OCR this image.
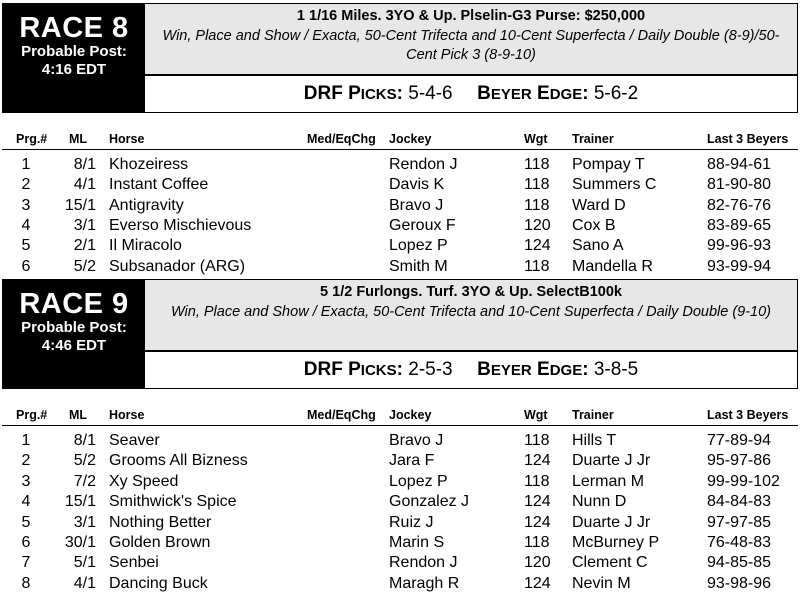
RACE 8
Probable Post:
4:16 EDT
1 1/16 Miles. 3YO & Up. Plselin-G3 Purse: $250,000
Win, Place and Show / Exacta, 50-Cent Trifecta and 10-Cent Superfecta / Daily Double (8-9)/50-Cent Pick 3 (8-9-10)
DRF PICKS: 5-4-6 BEYER EDGE: 5-6-2
Prg.# ML Horse	Med/EqChg Jockey	Wgt Trainer	Last 3 Beyers
1	8/1 Khozeiress	Rendon J	118 Pompay T	88-94-61
2	4/1 Instant Coffee	Davis K	118 Summers C	81-90-80
3	15/1 Antigravity	Bravo J	118 Ward D	82-76-76
4	3/1 Everso Mischievous	Geroux F	120 Cox B	83-89-65
5	2/1 Il Miracolo	Lopez P	124 Sano A	99-96-93
6	5/2 Subsanador (ARG)	Smith M	118 Mandella R	93-99-94
RACE 9
Probable Post:
4:46 EDT
5 1/2 Furlongs. Turf. 3YO & Up. SelectB100k
Win, Place and Show / Exacta, 50-Cent Trifecta and 10-Cent Superfecta / Daily Double (9-10)
DRF PICKS: 2-5-3 BEYER EDGE: 3-8-5
Prg.# ML Horse	Med/EqChg Jockey	Wgt Trainer	Last 3 Beyers
1	8/1 Seaver	Bravo J	118 Hills T	77-89-94
2	5/2 Grooms All Bizness	Jara F	124 Duarte J Jr	95-97-86
3	7/2 Xy Speed	Lopez P	118 Lerman M	99-99-102
4	15/1 Smithwick's Spice	Gonzalez J	124 Nunn D	84-84-83
5	3/1 Nothing Better	Ruiz J	124 Duarte J Jr	97-97-85
6	30/1 Golden Brown	Marin S	118 McBurney P	76-48-83
7	5/1 Senbei	Rendon J	120 Clement C	94-85-85
8	4/1 Dancing Buck	Maragh R	124 Nevin M	93-98-96
